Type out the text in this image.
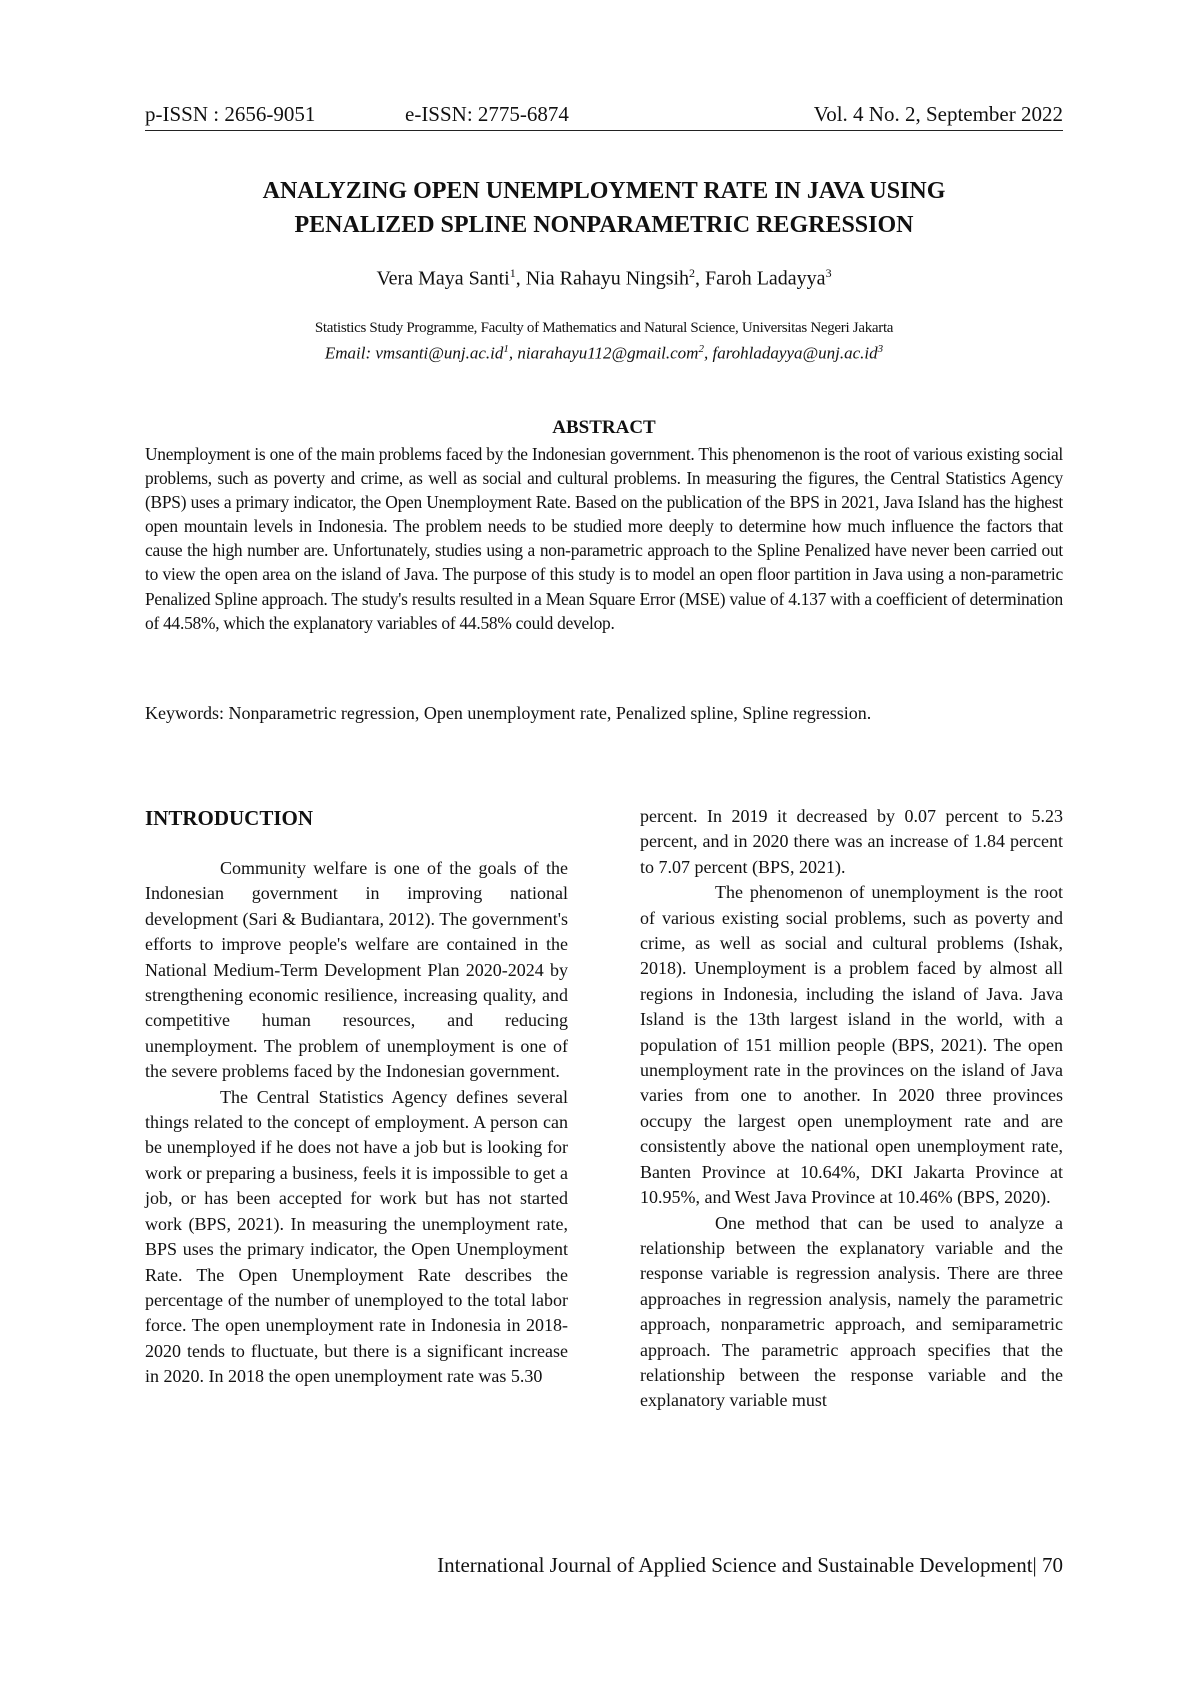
p-ISSN : 2656-9051	e-ISSN: 2775-6874	Vol. 4 No. 2, September 2022
ANALYZING OPEN UNEMPLOYMENT RATE IN JAVA USING
PENALIZED SPLINE NONPARAMETRIC REGRESSION
Vera Maya Santi$^1$, Nia Rahayu Ningsih$^2$, Faroh Ladayya$^3$
Statistics Study Programme, Faculty of Mathematics and Natural Science, Universitas Negeri Jakarta
Email: $vmsanti@unj.ac.id^1$, niarahayu112@gmail.com$^2$, $farohladayya@unj.ac.id^3$
ABSTRACT

Unemployment is one of the main problems faced by the Indonesian government. This phenomenon is the root of various existing social problems, such as poverty and crime, as well as social and cultural problems. In measuring the figures, the Central Statistics Agency (BPS) uses a primary indicator, the Open Unemployment Rate. Based on the publication of the BPS in 2021, Java Island has the highest open mountain levels in Indonesia. The problem needs to be studied more deeply to determine how much influence the factors that cause the high number are. Unfortunately, studies using a non-parametric approach to the Spline Penalized have never been carried out to view the open area on the island of Java. The purpose of this study is to model an open floor partition in Java using a non-parametric Penalized Spline approach. The study's results resulted in a Mean Square Error (MSE) value of 4.137 with a coefficient of determination of 44.58%, which the explanatory variables of 44.58% could develop.

Keywords: Nonparametric regression, Open unemployment rate, Penalized spline, Spline regression.

INTRODUCTION

Community welfare is one of the goals of the Indonesian government in improving national development (Sari & Budiantara, 2012). The government's efforts to improve people's welfare are contained in the National Medium-Term Development Plan 2020-2024 by strengthening economic resilience, increasing quality, and competitive human resources, and reducing unemployment. The problem of unemployment is one of the severe problems faced by the Indonesian government.

The Central Statistics Agency defines several things related to the concept of employment. A person can be unemployed if he does not have a job but is looking for work or preparing a business, feels it is impossible to get a job, or has been accepted for work but has not started work (BPS, 2021). In measuring the unemployment rate, BPS uses the primary indicator, the Open Unemployment Rate. The Open Unemployment Rate describes the percentage of the number of unemployed to the total labor force. The open unemployment rate in Indonesia in 2018-2020 tends to fluctuate, but there is a significant increase in 2020. In 2018 the open unemployment rate was 5.30

percent. In 2019 it decreased by 0.07 percent to 5.23 percent, and in 2020 there was an increase of 1.84 percent to 7.07 percent (BPS, 2021).

The phenomenon of unemployment is the root of various existing social problems, such as poverty and crime, as well as social and cultural problems (Ishak, 2018). Unemployment is a problem faced by almost all regions in Indonesia, including the island of Java. Java Island is the 13th largest island in the world, with a population of 151 million people (BPS, 2021). The open unemployment rate in the provinces on the island of Java varies from one to another. In 2020 three provinces occupy the largest open unemployment rate and are consistently above the national open unemployment rate, Banten Province at 10.64%, DKI Jakarta Province at 10.95%, and West Java Province at 10.46% (BPS, 2020).

One method that can be used to analyze a relationship between the explanatory variable and the response variable is regression analysis. There are three approaches in regression analysis, namely the parametric approach, nonparametric approach, and semiparametric approach. The parametric approach specifies that the relationship between the response variable and the explanatory variable must

International Journal of Applied Science and Sustainable Development| 70
